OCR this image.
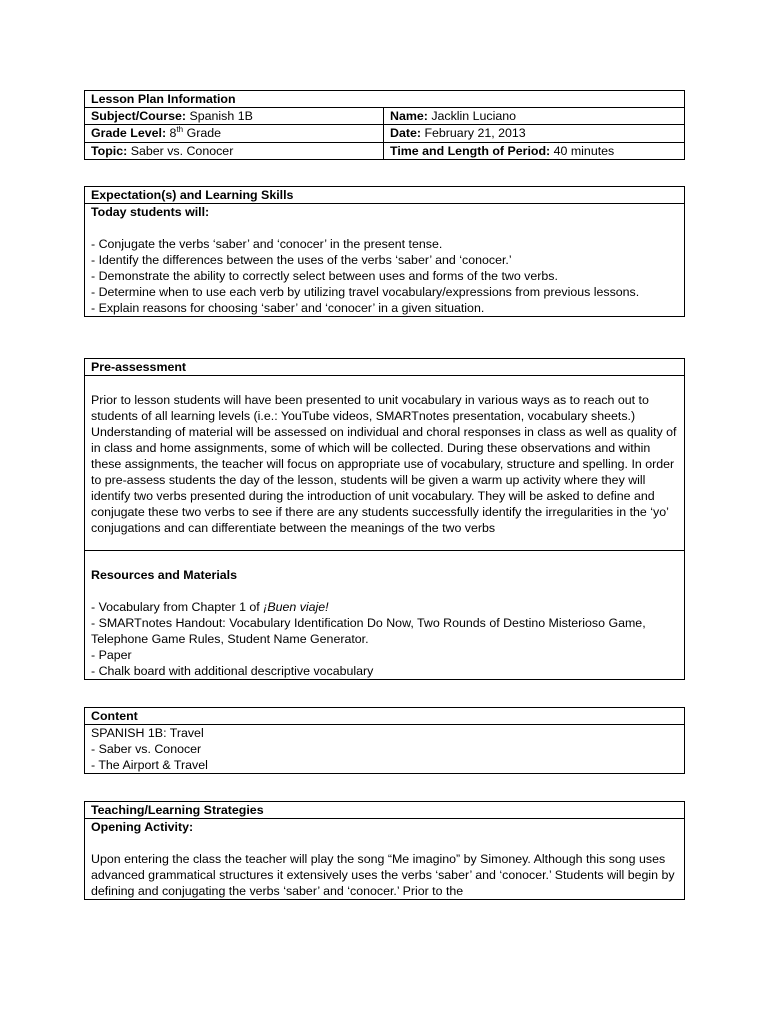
Lesson Plan Information
Subject/Course: Spanish 1B	Name: Jacklin Luciano
Grade Level: 8th Grade	Date: February 21, 2013
Topic: Saber vs. Conocer	Time and Length of Period: 40 minutes
Expectation(s) and Learning Skills
Today students will:
- Conjugate the verbs ‘saber’ and ‘conocer’ in the present tense.
- Identify the differences between the uses of the verbs ‘saber’ and ‘conocer.’
- Demonstrate the ability to correctly select between uses and forms of the two verbs.
- Determine when to use each verb by utilizing travel vocabulary/expressions from previous lessons.
- Explain reasons for choosing ‘saber’ and ‘conocer’ in a given situation.
Pre-assessment
Prior to lesson students will have been presented to unit vocabulary in various ways as to reach out to students of all learning levels (i.e.: YouTube videos, SMARTnotes presentation, vocabulary sheets.) Understanding of material will be assessed on individual and choral responses in class as well as quality of in class and home assignments, some of which will be collected. During these observations and within these assignments, the teacher will focus on appropriate use of vocabulary, structure and spelling. In order to pre-assess students the day of the lesson, students will be given a warm up activity where they will identify two verbs presented during the introduction of unit vocabulary. They will be asked to define and conjugate these two verbs to see if there are any students successfully identify the irregularities in the ‘yo’ conjugations and can differentiate between the meanings of the two verbs
Resources and Materials
- Vocabulary from Chapter 1 of ¡Buen viaje!
- SMARTnotes Handout: Vocabulary Identification Do Now, Two Rounds of Destino Misterioso Game, Telephone Game Rules, Student Name Generator.
- Paper
- Chalk board with additional descriptive vocabulary
Content
SPANISH 1B: Travel
- Saber vs. Conocer
- The Airport & Travel
Teaching/Learning Strategies
Opening Activity:
Upon entering the class the teacher will play the song “Me imagino” by Simoney. Although this song uses advanced grammatical structures it extensively uses the verbs ‘saber’ and ‘conocer.’ Students will begin by defining and conjugating the verbs ‘saber’ and ‘conocer.’ Prior to the
